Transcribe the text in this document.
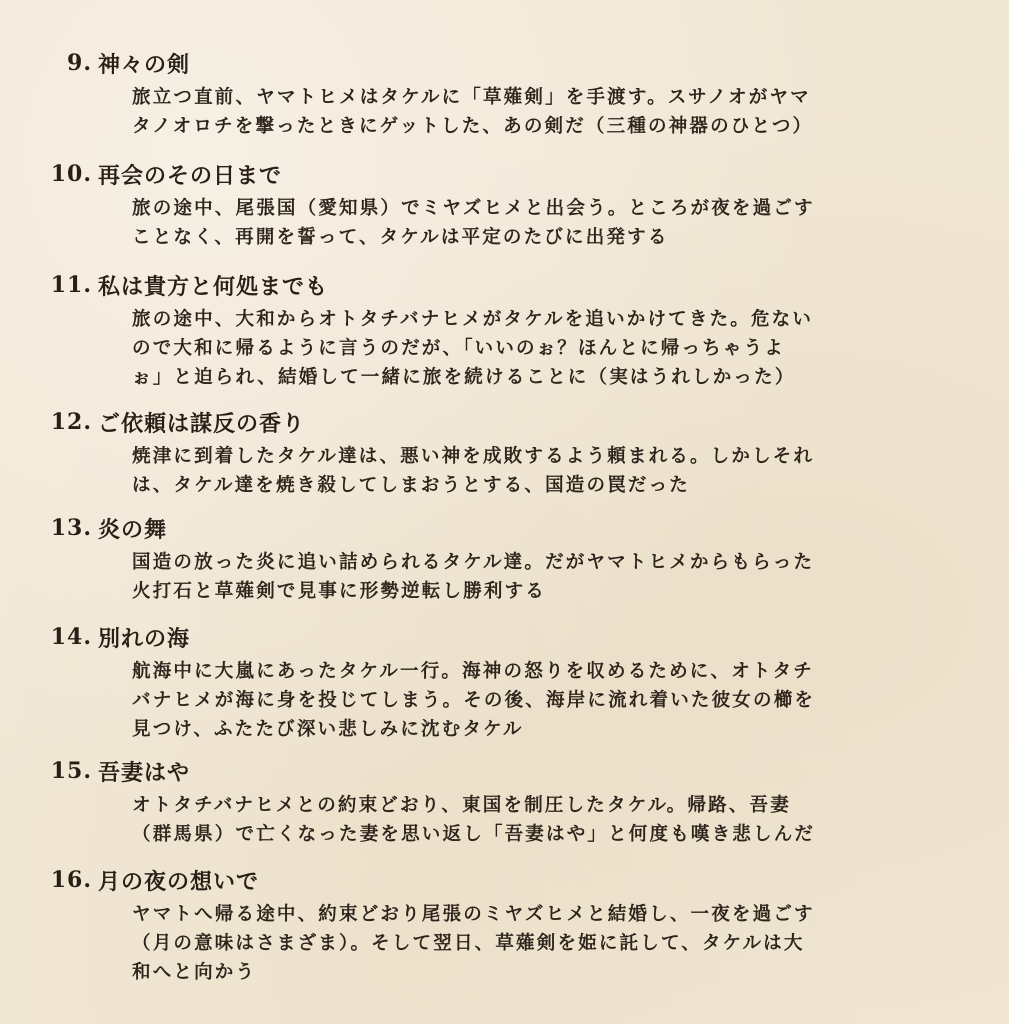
9. 神々の剣
旅立つ直前、ヤマトヒメはタケルに「草薙剣」を手渡す。スサノオがヤマ
タノオロチを撃ったときにゲットした、あの剣だ（三種の神器のひとつ）
10. 再会のその日まで
旅の途中、尾張国（愛知県）でミヤズヒメと出会う。ところが夜を過ごす
ことなく、再開を誓って、タケルは平定のたびに出発する
11. 私は貴方と何処までも
旅の途中、大和からオトタチバナヒメがタケルを追いかけてきた。危ない
ので大和に帰るように言うのだが、「いいのぉ？ほんとに帰っちゃうよ
ぉ」と迫られ、結婚して一緒に旅を続けることに（実はうれしかった）
12. ご依頼は謀反の香り
焼津に到着したタケル達は、悪い神を成敗するよう頼まれる。しかしそれ
は、タケル達を焼き殺してしまおうとする、国造の罠だった
13. 炎の舞
国造の放った炎に追い詰められるタケル達。だがヤマトヒメからもらった
火打石と草薙剣で見事に形勢逆転し勝利する
14. 別れの海
航海中に大嵐にあったタケル一行。海神の怒りを収めるために、オトタチ
バナヒメが海に身を投じてしまう。その後、海岸に流れ着いた彼女の櫛を
見つけ、ふたたび深い悲しみに沈むタケル
15. 吾妻はや
オトタチバナヒメとの約束どおり、東国を制圧したタケル。帰路、吾妻
（群馬県）で亡くなった妻を思い返し「吾妻はや」と何度も嘆き悲しんだ
16. 月の夜の想いで
ヤマトへ帰る途中、約束どおり尾張のミヤズヒメと結婚し、一夜を過ごす
（月の意味はさまざま）。そして翌日、草薙剣を姫に託して、タケルは大
和へと向かう
